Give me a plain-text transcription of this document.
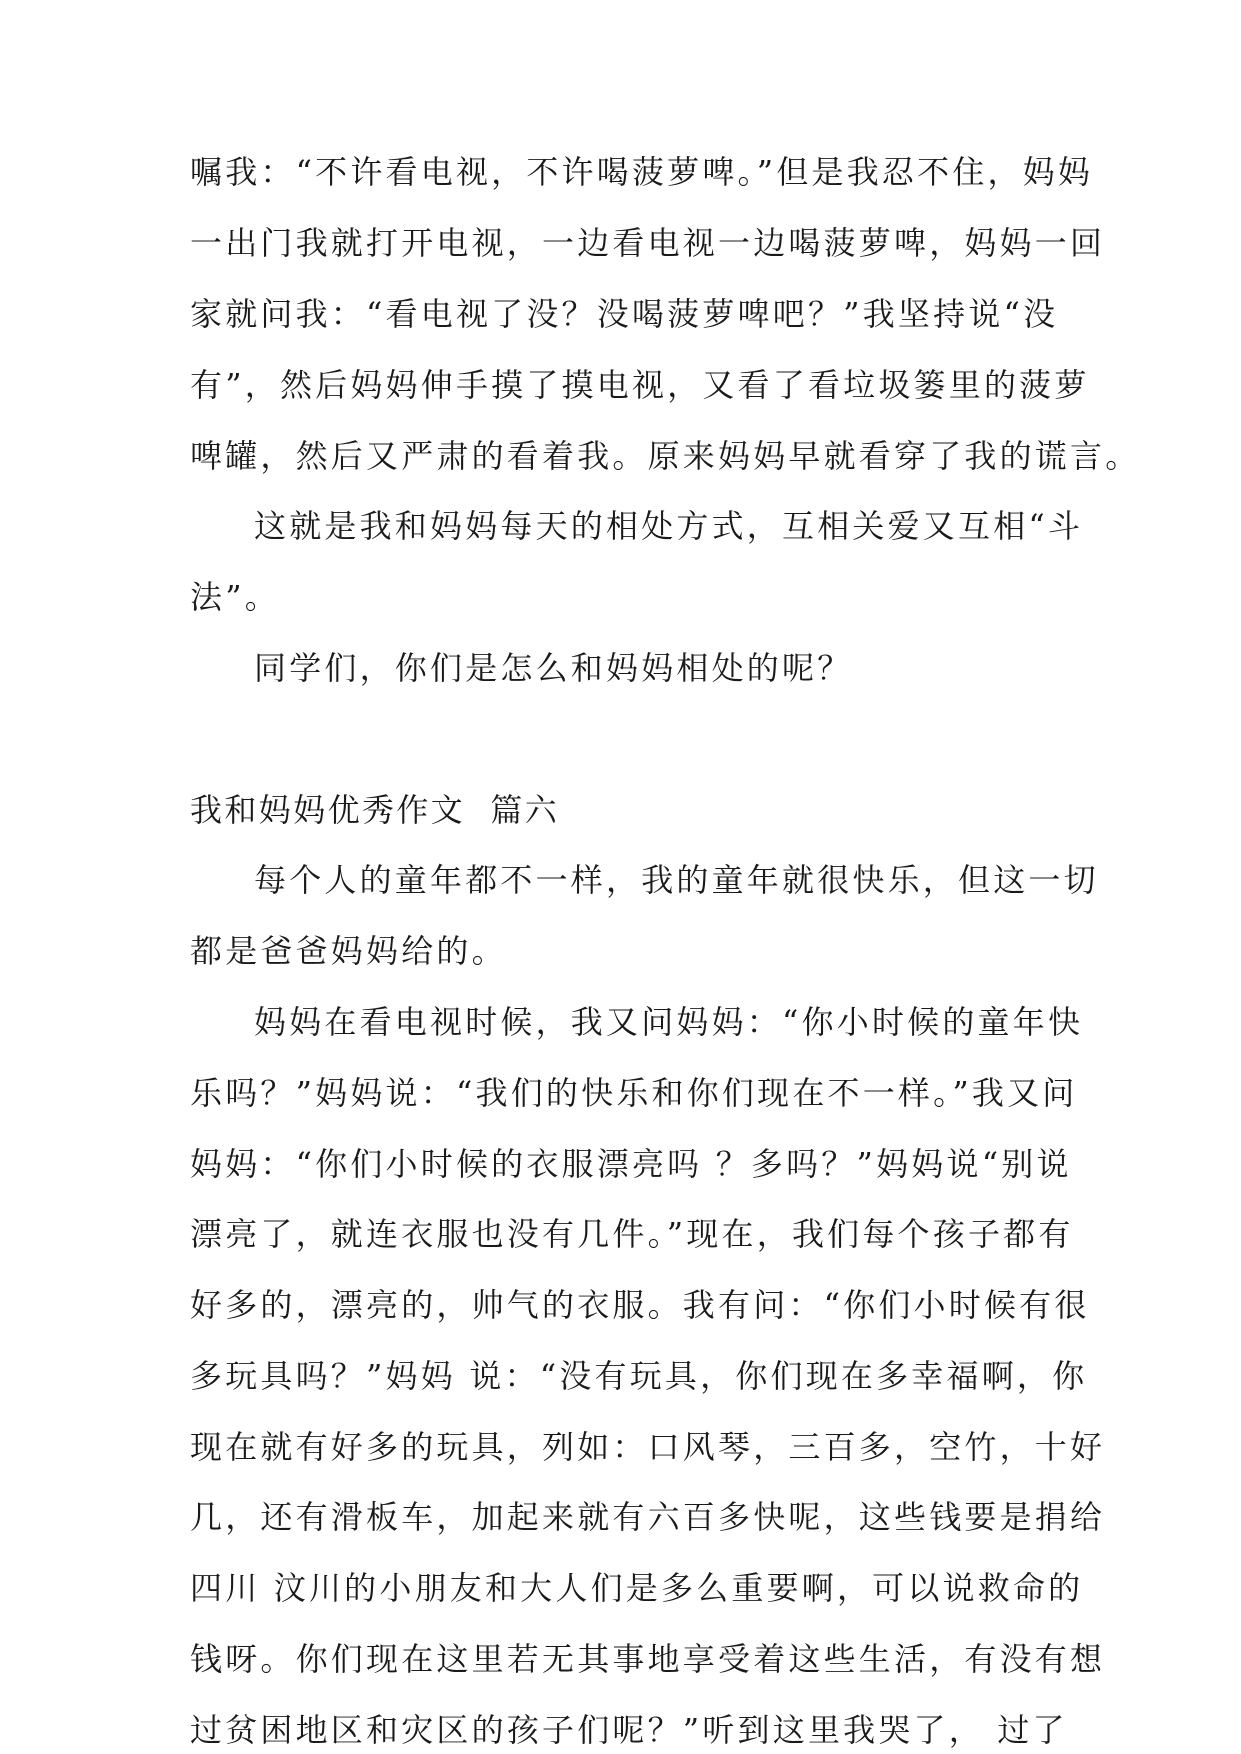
嘱我：“不许看电视，不许喝菠萝啤。”但是我忍不住，妈妈
一出门我就打开电视，一边看电视一边喝菠萝啤，妈妈一回
家就问我：“看电视了没？没喝菠萝啤吧？”我坚持说“没
有”，然后妈妈伸手摸了摸电视，又看了看垃圾篓里的菠萝
啤罐，然后又严肃的看着我。原来妈妈早就看穿了我的谎言。
这就是我和妈妈每天的相处方式，互相关爱又互相“斗
法”。
同学们，你们是怎么和妈妈相处的呢？
我和妈妈优秀作文  篇六
每个人的童年都不一样，我的童年就很快乐，但这一切
都是爸爸妈妈给的。
妈妈在看电视时候，我又问妈妈：“你小时候的童年快
乐吗？”妈妈说：“我们的快乐和你们现在不一样。”我又问
妈妈：“你们小时候的衣服漂亮吗 ？多吗？”妈妈说“别说
漂亮了，就连衣服也没有几件。”现在，我们每个孩子都有
好多的，漂亮的，帅气的衣服。我有问：“你们小时候有很
多玩具吗？”妈妈 说：“没有玩具，你们现在多幸福啊，你
现在就有好多的玩具，列如：口风琴，三百多，空竹，十好
几，还有滑板车，加起来就有六百多快呢，这些钱要是捐给
四川 汶川的小朋友和大人们是多么重要啊，可以说救命的
钱呀。你们现在这里若无其事地享受着这些生活，有没有想
过贫困地区和灾区的孩子们呢？”听到这里我哭了， 过了
